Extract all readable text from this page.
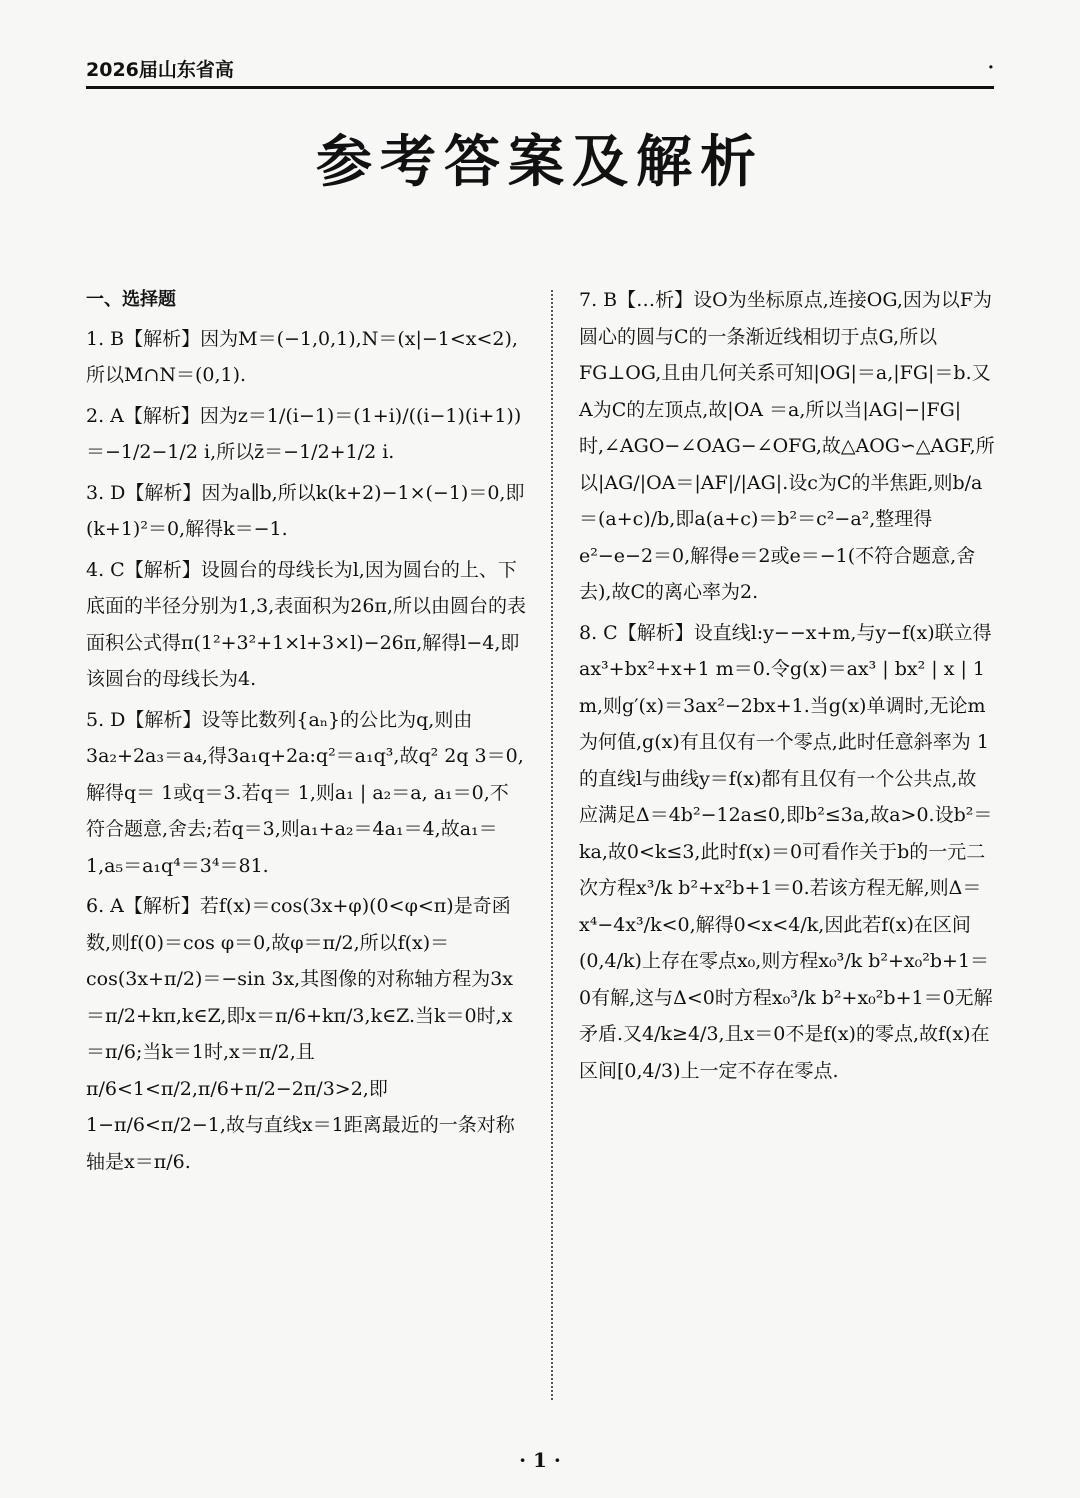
2026届山东省高	·
参考答案及解析
一、选择题
1. B【解析】因为M＝(−1,0,1),N＝(x|−1<x<2),所以M∩N＝(0,1).
2. A【解析】因为z＝1/(i−1)＝(1+i)/((i−1)(i+1))＝−1/2−1/2 i,所以z̄＝−1/2+1/2 i.
3. D【解析】因为a∥b,所以k(k+2)−1×(−1)＝0,即(k+1)²＝0,解得k＝−1.
4. C【解析】设圆台的母线长为l,因为圆台的上、下底面的半径分别为1,3,表面积为26π,所以由圆台的表面积公式得π(1²+3²+1×l+3×l)−26π,解得l−4,即该圆台的母线长为4.
5. D【解析】设等比数列{aₙ}的公比为q,则由3a₂+2a₃＝a₄,得3a₁q+2a:q²＝a₁q³,故q² 2q 3＝0,解得q＝ 1或q＝3.若q＝ 1,则a₁ | a₂＝a, a₁＝0,不符合题意,舍去;若q＝3,则a₁+a₂＝4a₁＝4,故a₁＝1,a₅＝a₁q⁴＝3⁴＝81.
6. A【解析】若f(x)＝cos(3x+φ)(0<φ<π)是奇函数,则f(0)＝cos φ＝0,故φ＝π/2,所以f(x)＝cos(3x+π/2)＝−sin 3x,其图像的对称轴方程为3x＝π/2+kπ,k∈Z,即x＝π/6+kπ/3,k∈Z.当k＝0时,x＝π/6;当k＝1时,x＝π/2,且π/6<1<π/2,π/6+π/2−2π/3>2,即1−π/6<π/2−1,故与直线x＝1距离最近的一条对称轴是x＝π/6.
7. B【…析】设O为坐标原点,连接OG,因为以F为圆心的圆与C的一条渐近线相切于点G,所以FG⊥OG,且由几何关系可知|OG|＝a,|FG|＝b.又A为C的左顶点,故|OA ＝a,所以当|AG|−|FG|时,∠AGO−∠OAG−∠OFG,故△AOG∽△AGF,所以|AG/|OA＝|AF|/|AG|.设c为C的半焦距,则b/a＝(a+c)/b,即a(a+c)＝b²＝c²−a²,整理得e²−e−2＝0,解得e＝2或e＝−1(不符合题意,舍去),故C的离心率为2.
8. C【解析】设直线l:y−−x+m,与y−f(x)联立得ax³+bx²+x+1 m＝0.令g(x)＝ax³ | bx² | x | 1 m,则g′(x)＝3ax²−2bx+1.当g(x)单调时,无论m为何值,g(x)有且仅有一个零点,此时任意斜率为 1的直线l与曲线y＝f(x)都有且仅有一个公共点,故应满足Δ＝4b²−12a≤0,即b²≤3a,故a>0.设b²＝ka,故0<k≤3,此时f(x)＝0可看作关于b的一元二次方程x³/k b²+x²b+1＝0.若该方程无解,则Δ＝x⁴−4x³/k<0,解得0<x<4/k,因此若f(x)在区间(0,4/k)上存在零点x₀,则方程x₀³/k b²+x₀²b+1＝0有解,这与Δ<0时方程x₀³/k b²+x₀²b+1＝0无解矛盾.又4/k≥4/3,且x＝0不是f(x)的零点,故f(x)在区间[0,4/3)上一定不存在零点.
· 1 ·
